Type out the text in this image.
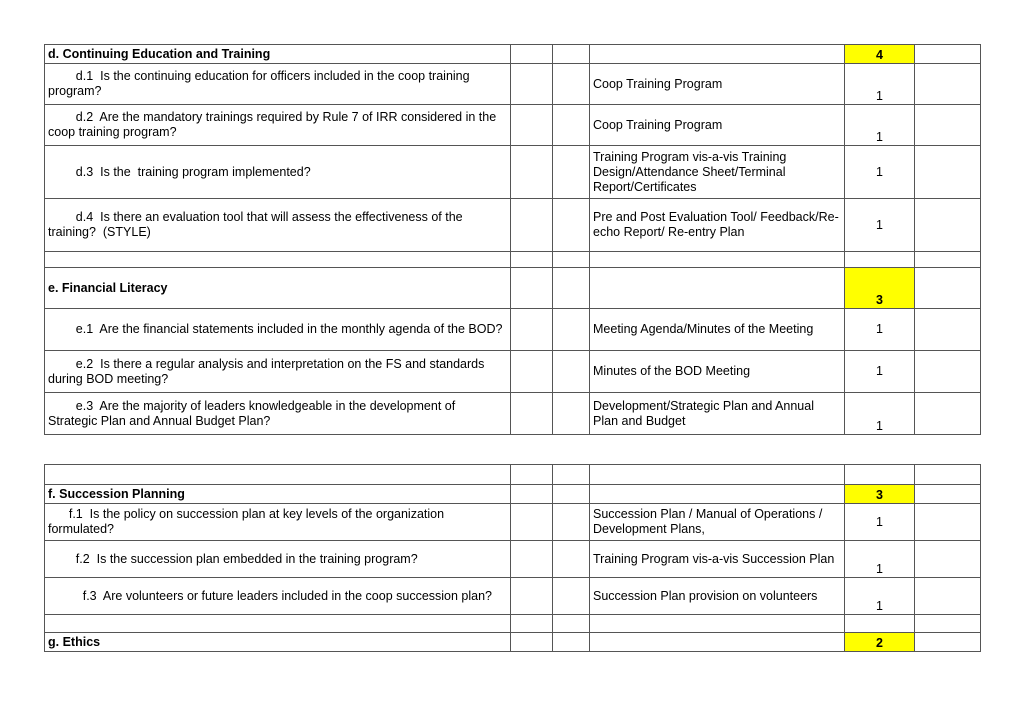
d. Continuing Education and Training				4	
d.1  Is the continuing education for officers included in the coop training program?			Coop Training Program	1	
d.2  Are the mandatory trainings required by Rule 7 of IRR considered in the coop training program?			Coop Training Program	1	
d.3  Is the  training program implemented?			Training Program vis-a-vis Training Design/Attendance Sheet/Terminal Report/Certificates	1	
d.4  Is there an evaluation tool that will assess the effectiveness of the training?  (STYLE)			Pre and Post Evaluation Tool/ Feedback/Re-echo Report/ Re-entry Plan	1	

e. Financial Literacy				3	
e.1  Are the financial statements included in the monthly agenda of the BOD?			Meeting Agenda/Minutes of the Meeting	1	
e.2  Is there a regular analysis and interpretation on the FS and standards during BOD meeting?			Minutes of the BOD Meeting	1	
e.3  Are the majority of leaders knowledgeable in the development of Strategic Plan and Annual Budget Plan?			Development/Strategic Plan and Annual Plan and Budget	1	

f. Succession Planning				3	
f.1  Is the policy on succession plan at key levels of the organization formulated?			Succession Plan / Manual of Operations / Development Plans,	1	
f.2  Is the succession plan embedded in the training program?			Training Program vis-a-vis Succession Plan	1	
f.3  Are volunteers or future leaders included in the coop succession plan?			Succession Plan provision on volunteers	1	

g. Ethics				2	
